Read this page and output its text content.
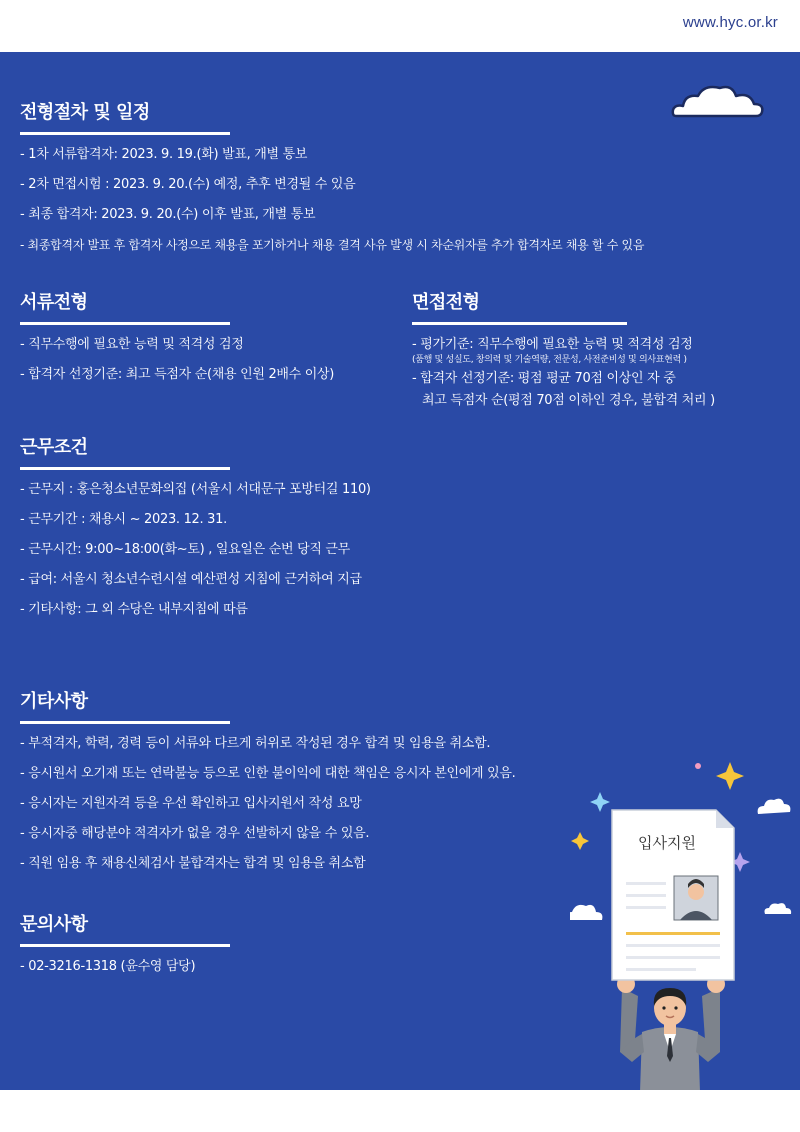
www.hyc.or.kr
전형절차 및 일정
- 1차 서류합격자: 2023. 9. 19.(화) 발표, 개별 통보
- 2차 면접시험 : 2023. 9. 20.(수) 예정, 추후 변경될 수 있음
- 최종 합격자: 2023. 9. 20.(수) 이후 발표, 개별 통보
- 최종합격자 발표 후 합격자 사정으로 채용을 포기하거나 채용 결격 사유 발생 시 차순위자를 추가 합격자로 채용 할 수 있음
서류전형
- 직무수행에 필요한 능력 및 적격성 검정
- 합격자 선정기준: 최고 득점자 순(채용 인원 2배수 이상)
면접전형
- 평가기준: 직무수행에 필요한 능력 및 적격성 검정
(품행 및 성실도, 창의력 및 기술역량, 전문성, 사전준비성 및 의사표현력 )
- 합격자 선정기준: 평점 평균 70점 이상인 자 중
최고 득점자 순(평점 70점 이하인 경우, 불합격 처리 )
근무조건
- 근무지 : 홍은청소년문화의집 (서울시 서대문구 포방터길 110)
- 근무기간 : 채용시 ~ 2023. 12. 31.
- 근무시간: 9:00~18:00(화~토) , 일요일은 순번 당직 근무
- 급여: 서울시 청소년수련시설 예산편성 지침에 근거하여 지급
- 기타사항: 그 외 수당은 내부지침에 따름
기타사항
- 부적격자, 학력, 경력 등이 서류와 다르게 허위로 작성된 경우 합격 및 임용을 취소함.
- 응시원서 오기재 또는 연락불능 등으로 인한 불이익에 대한 책임은 응시자 본인에게 있음.
- 응시자는 지원자격 등을 우선 확인하고 입사지원서 작성 요망
- 응시자중 해당분야 적격자가 없을 경우 선발하지 않을 수 있음.
- 직원 임용 후 채용신체검사 불합격자는 합격 및 임용을 취소함
문의사항
- 02-3216-1318 (윤수영 담당)
입사지원
